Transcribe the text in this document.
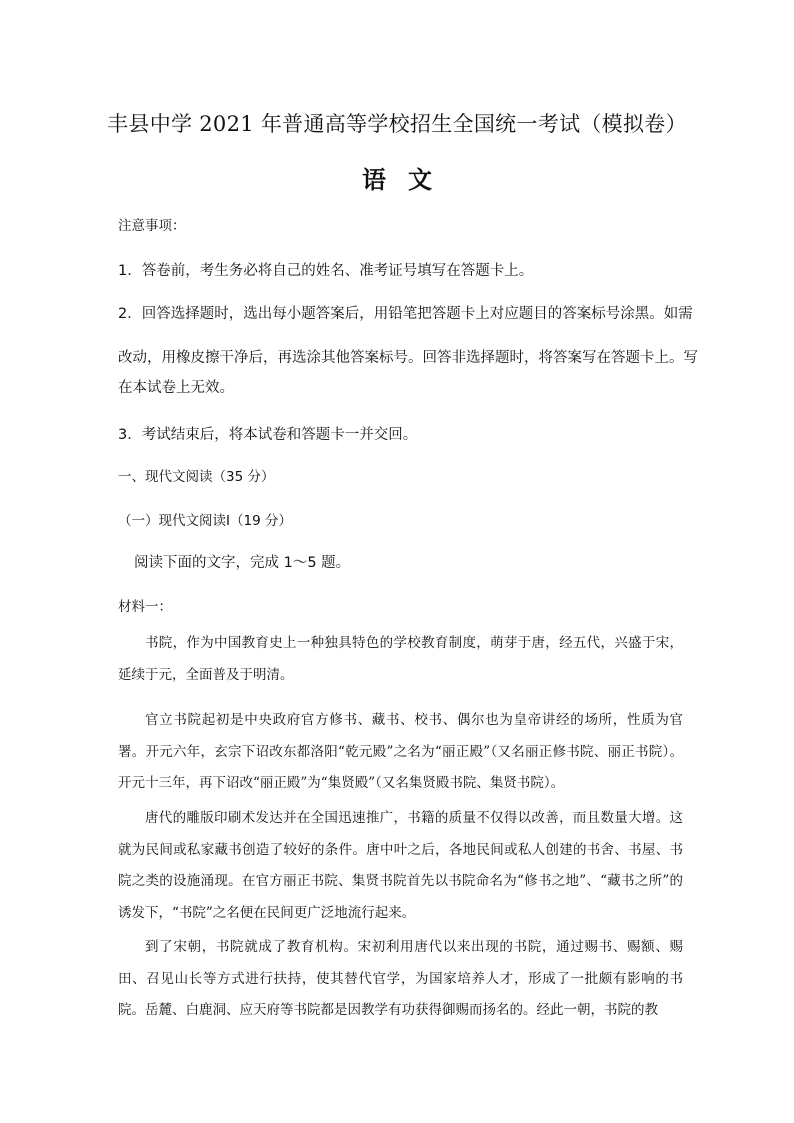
丰县中学 2021 年普通高等学校招生全国统一考试（模拟卷）
语文
注意事项：
1．答卷前，考生务必将自己的姓名、准考证号填写在答题卡上。
2．回答选择题时，选出每小题答案后，用铅笔把答题卡上对应题目的答案标号涂黑。如需
改动，用橡皮擦干净后，再选涂其他答案标号。回答非选择题时，将答案写在答题卡上。写
在本试卷上无效。
3．考试结束后，将本试卷和答题卡一并交回。
一、现代文阅读（35 分）
（一）现代文阅读Ⅰ（19 分）
阅读下面的文字，完成 1～5 题。
材料一：

书院，作为中国教育史上一种独具特色的学校教育制度，萌芽于唐，经五代，兴盛于宋，延续于元，全面普及于明清。

官立书院起初是中央政府官方修书、藏书、校书、偶尔也为皇帝讲经的场所，性质为官署。开元六年，玄宗下诏改东都洛阳“乾元殿”之名为“丽正殿”（又名丽正修书院、丽正书院）。开元十三年，再下诏改“丽正殿”为“集贤殿”（又名集贤殿书院、集贤书院）。

唐代的雕版印刷术发达并在全国迅速推广，书籍的质量不仅得以改善，而且数量大增。这就为民间或私家藏书创造了较好的条件。唐中叶之后，各地民间或私人创建的书舍、书屋、书院之类的设施涌现。在官方丽正书院、集贤书院首先以书院命名为“修书之地”、“藏书之所”的诱发下，“书院”之名便在民间更广泛地流行起来。

到了宋朝，书院就成了教育机构。宋初利用唐代以来出现的书院，通过赐书、赐额、赐田、召见山长等方式进行扶持，使其替代官学，为国家培养人才，形成了一批颇有影响的书院。岳麓、白鹿洞、应天府等书院都是因教学有功获得御赐而扬名的。经此一朝，书院的教
